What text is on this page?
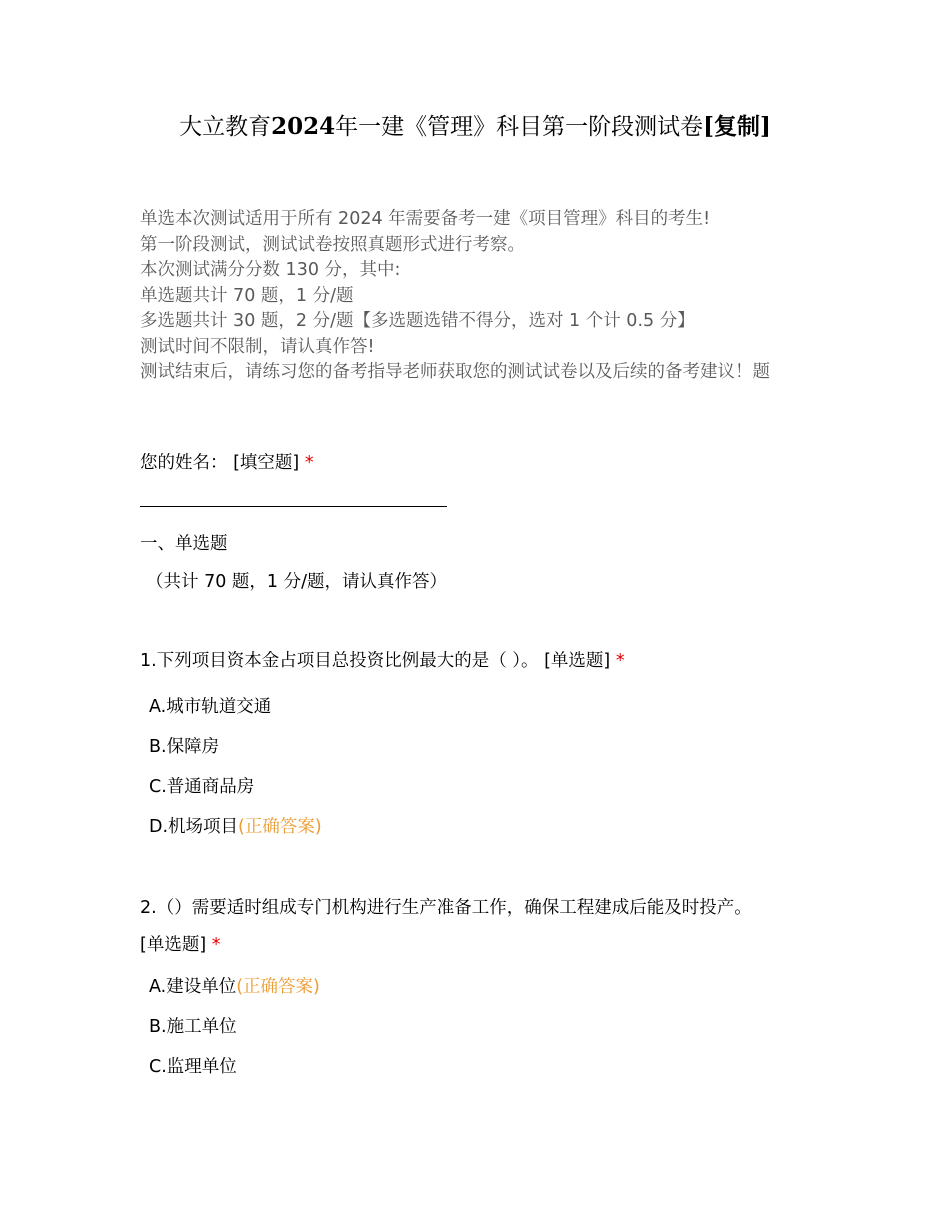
大立教育2024年一建《管理》科目第一阶段测试卷[复制]
单选本次测试适用于所有 2024 年需要备考一建《项目管理》科目的考生!
第一阶段测试，测试试卷按照真题形式进行考察。
本次测试满分分数 130 分，其中:
单选题共计 70 题，1 分/题
多选题共计 30 题，2 分/题【多选题选错不得分，选对 1 个计 0.5 分】
测试时间不限制，请认真作答!
测试结束后，请练习您的备考指导老师获取您的测试试卷以及后续的备考建议！题
您的姓名： [填空题] *
一、单选题
（共计 70 题，1 分/题，请认真作答）
1.下列项目资本金占项目总投资比例最大的是（ ）。 [单选题] *
A.城市轨道交通
B.保障房
C.普通商品房
D.机场项目(正确答案)
2.（）需要适时组成专门机构进行生产准备工作，确保工程建成后能及时投产。
[单选题] *
A.建设单位(正确答案)
B.施工单位
C.监理单位
